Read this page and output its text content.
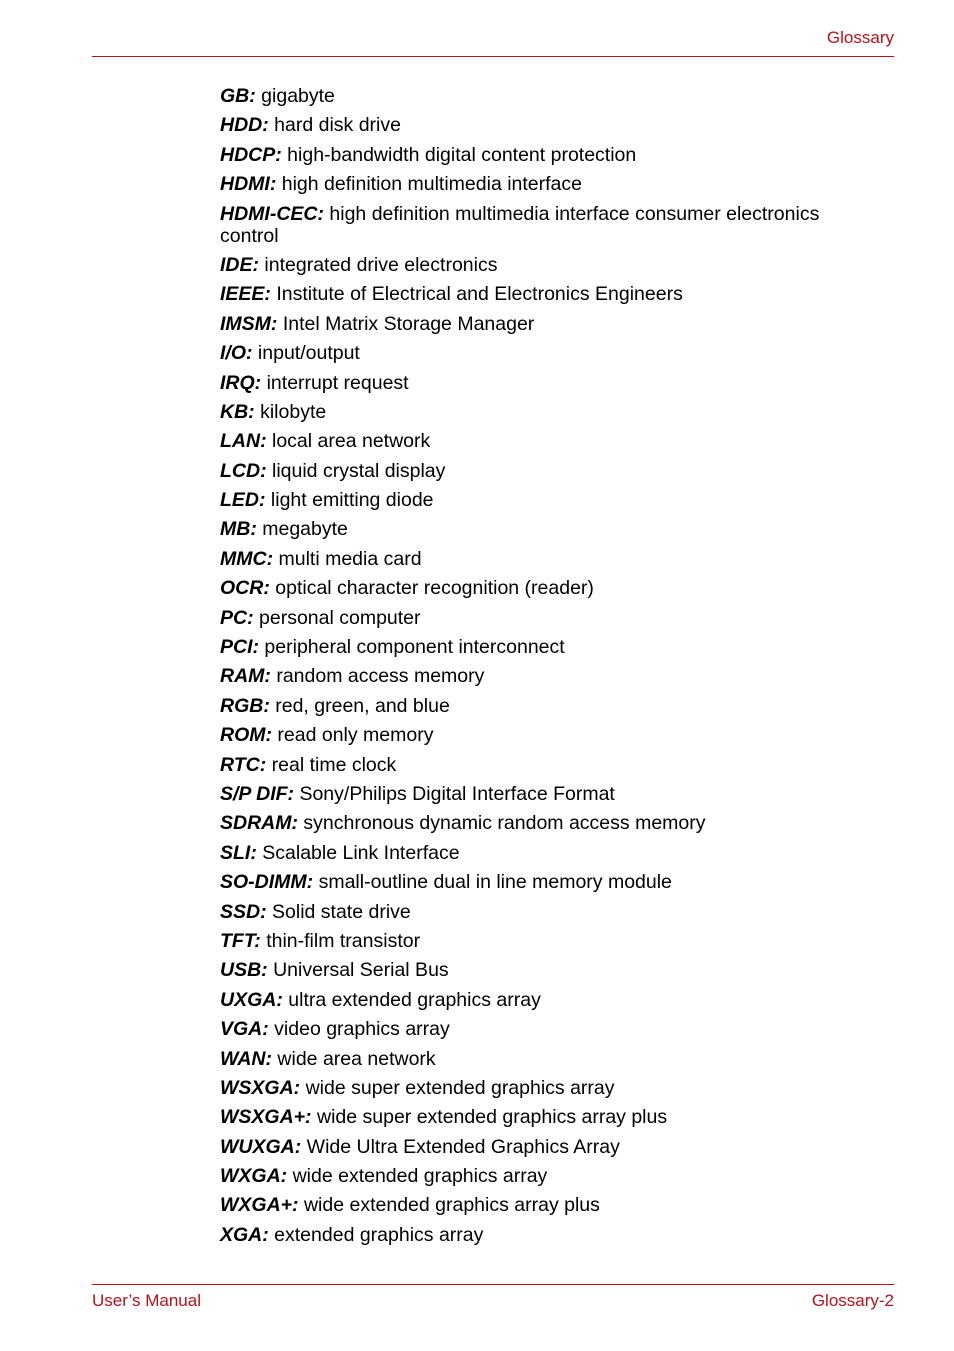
Glossary
GB: gigabyte
HDD: hard disk drive
HDCP: high-bandwidth digital content protection
HDMI: high definition multimedia interface
HDMI-CEC: high definition multimedia interface consumer electronics control
IDE: integrated drive electronics
IEEE: Institute of Electrical and Electronics Engineers
IMSM: Intel Matrix Storage Manager
I/O: input/output
IRQ: interrupt request
KB: kilobyte
LAN: local area network
LCD: liquid crystal display
LED: light emitting diode
MB: megabyte
MMC: multi media card
OCR: optical character recognition (reader)
PC: personal computer
PCI: peripheral component interconnect
RAM: random access memory
RGB: red, green, and blue
ROM: read only memory
RTC: real time clock
S/P DIF: Sony/Philips Digital Interface Format
SDRAM: synchronous dynamic random access memory
SLI: Scalable Link Interface
SO-DIMM: small-outline dual in line memory module
SSD: Solid state drive
TFT: thin-film transistor
USB: Universal Serial Bus
UXGA: ultra extended graphics array
VGA: video graphics array
WAN: wide area network
WSXGA: wide super extended graphics array
WSXGA+: wide super extended graphics array plus
WUXGA: Wide Ultra Extended Graphics Array
WXGA: wide extended graphics array
WXGA+: wide extended graphics array plus
XGA: extended graphics array
User’s Manual	Glossary-2
